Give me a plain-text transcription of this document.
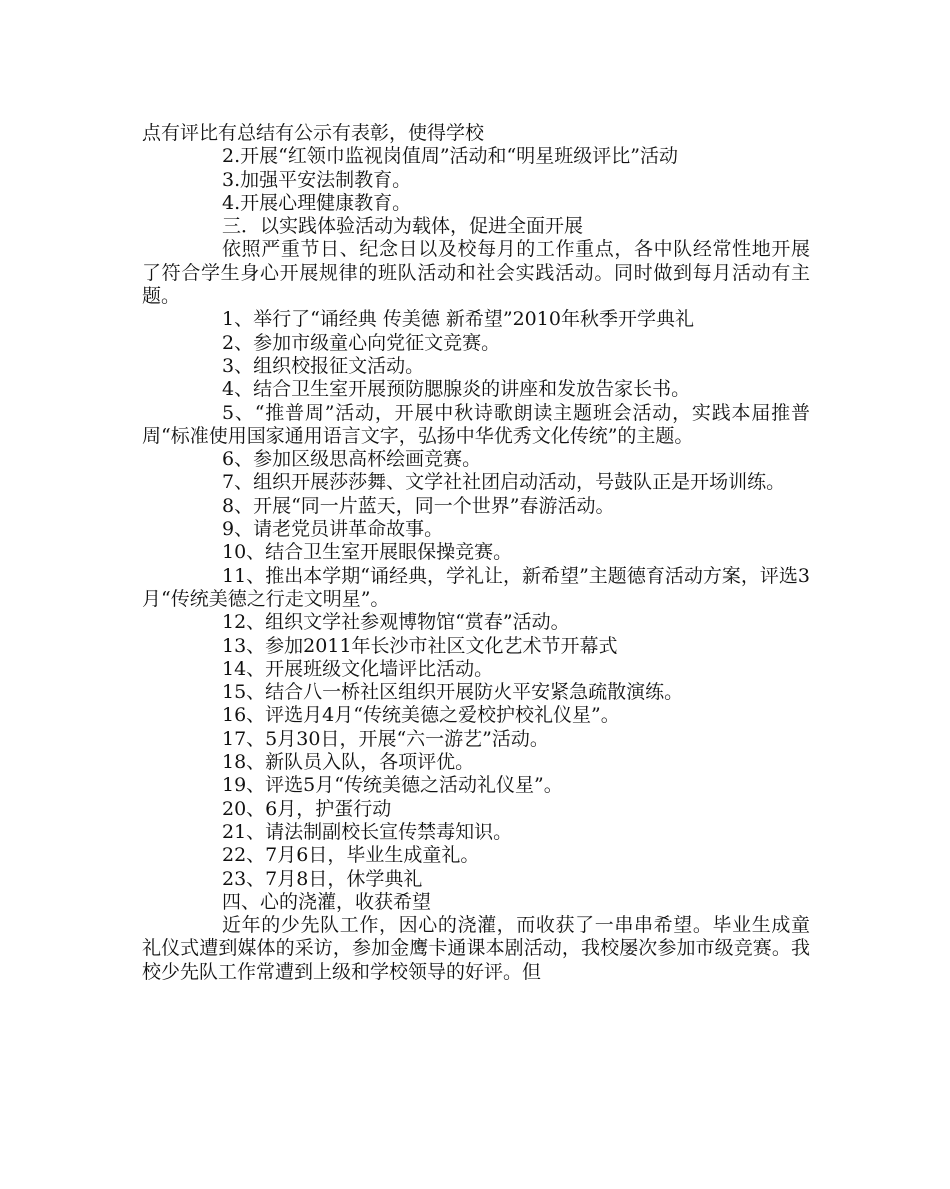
点有评比有总结有公示有表彰，使得学校
2.开展“红领巾监视岗值周”活动和“明星班级评比”活动
3.加强平安法制教育。
4.开展心理健康教育。
三．以实践体验活动为载体，促进全面开展
依照严重节日、纪念日以及校每月的工作重点，各中队经常性地开展了符合学生身心开展规律的班队活动和社会实践活动。同时做到每月活动有主题。
1、举行了“诵经典 传美德 新希望”2010年秋季开学典礼
2、参加市级童心向党征文竞赛。
3、组织校报征文活动。
4、结合卫生室开展预防腮腺炎的讲座和发放告家长书。
5、“推普周”活动，开展中秋诗歌朗读主题班会活动，实践本届推普周“标准使用国家通用语言文字，弘扬中华优秀文化传统”的主题。
6、参加区级思高杯绘画竞赛。
7、组织开展莎莎舞、文学社社团启动活动，号鼓队正是开场训练。
8、开展“同一片蓝天，同一个世界”春游活动。
9、请老党员讲革命故事。
10、结合卫生室开展眼保操竞赛。
11、推出本学期“诵经典，学礼让，新希望”主题德育活动方案，评选3月“传统美德之行走文明星”。
12、组织文学社参观博物馆“赏春”活动。
13、参加2011年长沙市社区文化艺术节开幕式
14、开展班级文化墙评比活动。
15、结合八一桥社区组织开展防火平安紧急疏散演练。
16、评选月4月“传统美德之爱校护校礼仪星”。
17、5月30日，开展“六一游艺”活动。
18、新队员入队，各项评优。
19、评选5月“传统美德之活动礼仪星”。
20、6月，护蛋行动
21、请法制副校长宣传禁毒知识。
22、7月6日，毕业生成童礼。
23、7月8日，休学典礼
四、心的浇灌，收获希望
近年的少先队工作，因心的浇灌，而收获了一串串希望。毕业生成童礼仪式遭到媒体的采访，参加金鹰卡通课本剧活动，我校屡次参加市级竞赛。我校少先队工作常遭到上级和学校领导的好评。但
